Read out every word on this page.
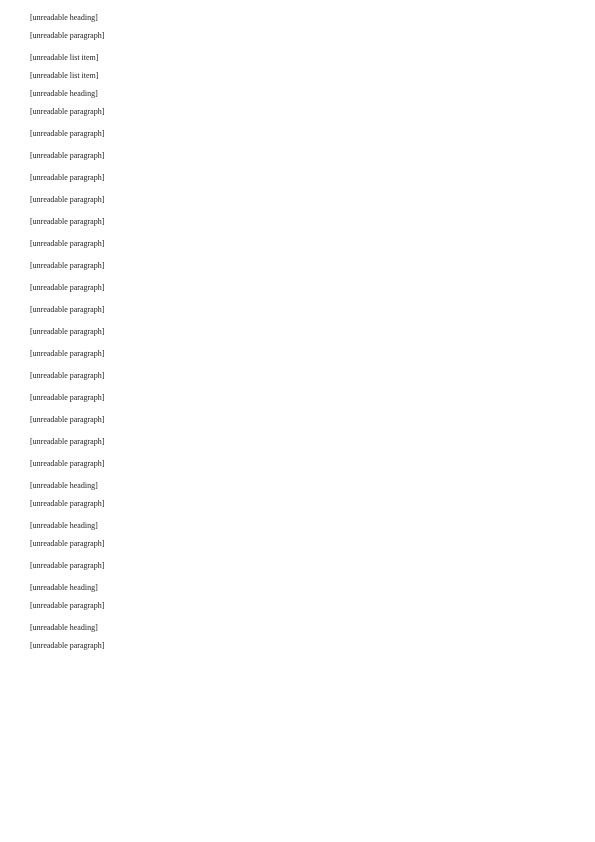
[unreadable heading]

[unreadable paragraph]

[unreadable list item]

[unreadable list item]

[unreadable heading]

[unreadable paragraph]

[unreadable paragraph]

[unreadable paragraph]

[unreadable paragraph]

[unreadable paragraph]

[unreadable paragraph]

[unreadable paragraph]

[unreadable paragraph]

[unreadable paragraph]

[unreadable paragraph]

[unreadable paragraph]

[unreadable paragraph]

[unreadable paragraph]

[unreadable paragraph]

[unreadable paragraph]

[unreadable paragraph]

[unreadable paragraph]

[unreadable heading]

[unreadable paragraph]

[unreadable heading]

[unreadable paragraph]

[unreadable paragraph]

[unreadable heading]

[unreadable paragraph]

[unreadable heading]

[unreadable paragraph]
